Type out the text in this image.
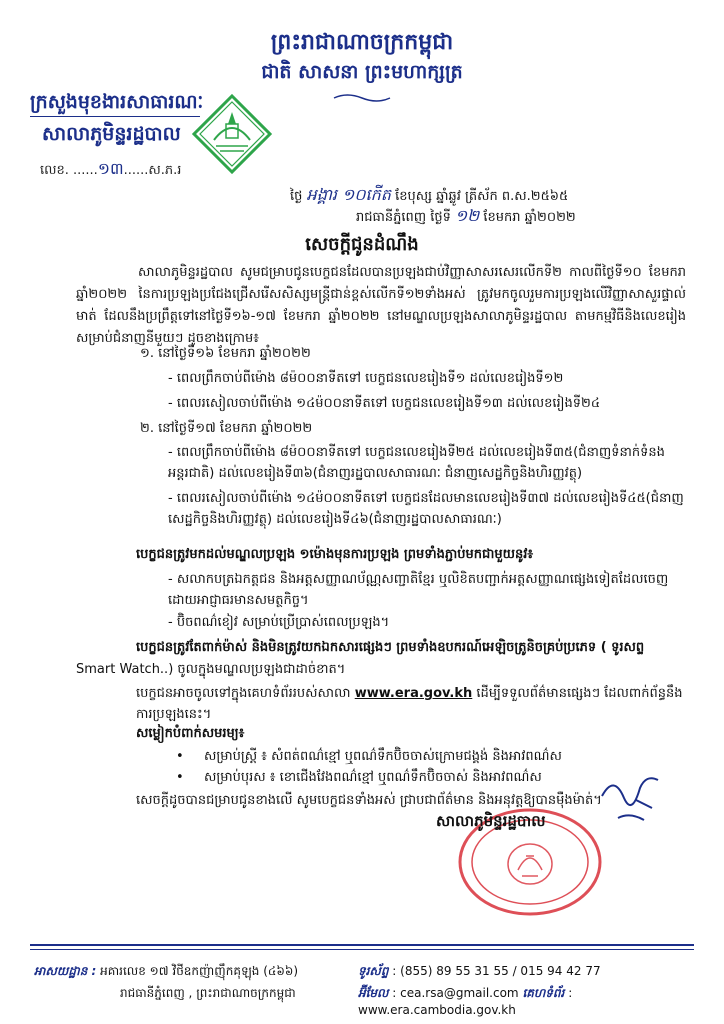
ព្រះរាជាណាចក្រកម្ពុជា
ជាតិ សាសនា ព្រះមហាក្សត្រ
ក្រសួងមុខងារសាធារណៈ
សាលាភូមិន្ទរដ្ឋបាល
លេខ. ......១៣......ស.ភ.រ
ថ្ងៃ អង្គារ ១០កើត ខែបុស្ស ឆ្នាំឆ្លូវ ត្រីស័ក ព.ស.២៥៦៥
រាជធានីភ្នំពេញ ថ្ងៃទី ១២ ខែមករា ឆ្នាំ២០២២
សេចក្តីជូនដំណឹង
សាលាភូមិន្ទរដ្ឋបាល សូមជម្រាបជូនបេក្ខជនដែលបានប្រឡងជាប់វិញ្ញាសាសរសេរលើកទី២ កាលពីថ្ងៃទី១០ ខែមករា ឆ្នាំ២០២២ នៃការប្រឡងប្រជែងជ្រើសរើសសិស្សមន្ត្រីជាន់ខ្ពស់លើកទី១២ទាំងអស់ ត្រូវមកចូលរួមការប្រឡងលើវិញ្ញាសាសួរផ្ទាល់មាត់ ដែលនឹងប្រព្រឹត្តទៅនៅថ្ងៃទី១៦-១៧ ខែមករា ឆ្នាំ២០២២ នៅមណ្ឌលប្រឡងសាលាភូមិន្ទរដ្ឋបាល តាមកម្មវិធីនិងលេខរៀងសម្រាប់ជំនាញនីមួយៗ ដូចខាងក្រោម៖
១. នៅថ្ងៃទី១៦ ខែមករា ឆ្នាំ២០២២
- ពេលព្រឹកចាប់ពីម៉ោង ៨ម៉០០នាទីតទៅ បេក្ខជនលេខរៀងទី១ ដល់លេខរៀងទី១២
- ពេលរសៀលចាប់ពីម៉ោង ១៤ម៉០០នាទីតទៅ បេក្ខជនលេខរៀងទី១៣ ដល់លេខរៀងទី២៤
២. នៅថ្ងៃទី១៧ ខែមករា ឆ្នាំ២០២២
- ពេលព្រឹកចាប់ពីម៉ោង ៨ម៉០០នាទីតទៅ បេក្ខជនលេខរៀងទី២៥ ដល់លេខរៀងទី៣៥(ជំនាញទំនាក់ទំនងអន្តរជាតិ) ដល់លេខរៀងទី៣៦(ជំនាញរដ្ឋបាលសាធារណៈ ជំនាញសេដ្ឋកិច្ចនិងហិរញ្ញវត្ថុ)
- ពេលរសៀលចាប់ពីម៉ោង ១៤ម៉០០នាទីតទៅ បេក្ខជនដែលមានលេខរៀងទី៣៧ ដល់លេខរៀងទី៤៥(ជំនាញសេដ្ឋកិច្ចនិងហិរញ្ញវត្ថុ) ដល់លេខរៀងទី៤៦(ជំនាញរដ្ឋបាលសាធារណៈ)
បេក្ខជនត្រូវមកដល់មណ្ឌលប្រឡង ១ម៉ោងមុនការប្រឡង ព្រមទាំងភ្ជាប់មកជាមួយនូវ៖
- សលាកបត្រឯកត្តជន និងអត្តសញ្ញាណប័ណ្ណសញ្ជាតិខ្មែរ ឬលិខិតបញ្ជាក់អត្តសញ្ញាណផ្សេងទៀតដែលចេញដោយអាជ្ញាធរមានសមត្ថកិច្ច។
- ប៊ិចពណ៌ខៀវ សម្រាប់ប្រើប្រាស់ពេលប្រឡង។
បេក្ខជនត្រូវតែពាក់ម៉ាស់ និងមិនត្រូវយកឯកសារផ្សេងៗ ព្រមទាំងឧបករណ៍អេឡិចត្រូនិចគ្រប់ប្រភេទ ( ទូរសព្ទ
Smart Watch..) ចូលក្នុងមណ្ឌលប្រឡងជាដាច់ខាត។
បេក្ខជនអាចចូលទៅក្នុងគេហទំព័ររបស់សាលា www.era.gov.kh ដើម្បីទទួលព័ត៌មានផ្សេងៗ ដែលពាក់ព័ន្ធនឹងការប្រឡងនេះ។
សម្លៀកបំពាក់សមរម្យ៖
• សម្រាប់ស្ត្រី ៖ សំពត់ពណ៌ខ្មៅ ឬពណ៌ទឹកប៊ិចចាស់ក្រោមជង្គង់ និងអាវពណ៌ស
• សម្រាប់បុរស ៖ ខោជើងវែងពណ៌ខ្មៅ ឬពណ៌ទឹកប៊ិចចាស់ និងអាវពណ៌ស
សេចក្តីដូចបានជម្រាបជូនខាងលើ សូមបេក្ខជនទាំងអស់ ជ្រាបជាព័ត៌មាន និងអនុវត្តឱ្យបានម៉ឺងម៉ាត់។
សាលាភូមិន្ទរដ្ឋបាល
អាសយដ្ឋាន : អគារលេខ ១៧ វិថីឧកញ៉ាញ៉ឹកគុឡុង (៤៦៦)
រាជធានីភ្នំពេញ , ព្រះរាជាណាចក្រកម្ពុជា
ទូរស័ព្ទ : (855) 89 55 31 55 / 015 94 42 77
អ៊ីមែល : cea.rsa@gmail.com គេហទំព័រ : www.era.cambodia.gov.kh
